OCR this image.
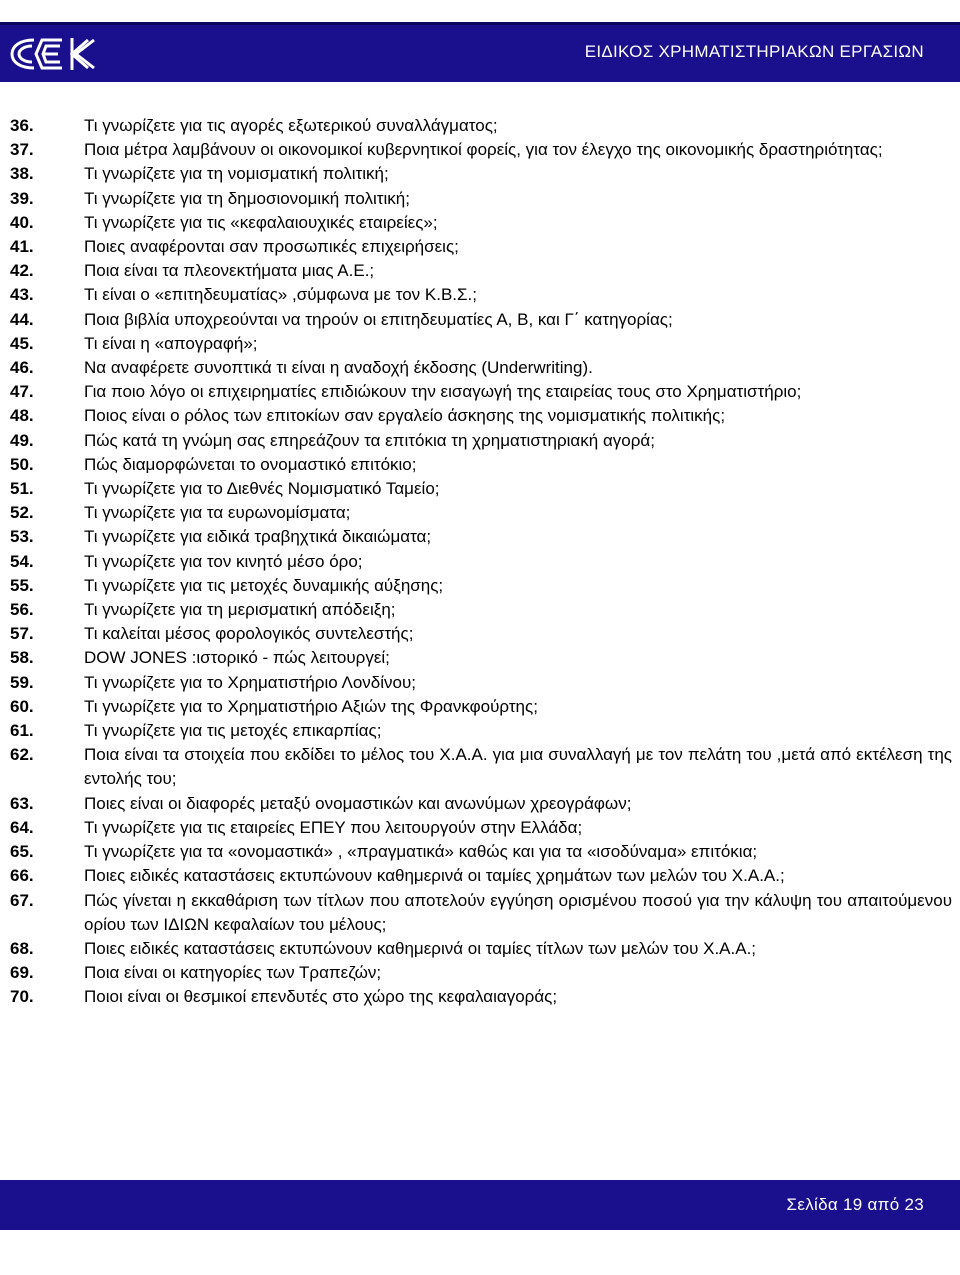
ΕΙΔΙΚΟΣ ΧΡΗΜΑΤΙΣΤΗΡΙΑΚΩΝ ΕΡΓΑΣΙΩΝ
36.	Τι γνωρίζετε για τις αγορές εξωτερικού συναλλάγματος;
37.	Ποια μέτρα λαμβάνουν οι οικονομικοί κυβερνητικοί φορείς, για τον έλεγχο της οικονομικής δραστηριότητας;
38.	Τι γνωρίζετε για τη νομισματική πολιτική;
39.	Τι γνωρίζετε για τη δημοσιονομική πολιτική;
40.	Τι γνωρίζετε για τις «κεφαλαιουχικές εταιρείες»;
41.	Ποιες αναφέρονται σαν προσωπικές επιχειρήσεις;
42.	Ποια είναι τα πλεονεκτήματα μιας Α.Ε.;
43.	Τι είναι ο «επιτηδευματίας» ,σύμφωνα με τον Κ.Β.Σ.;
44.	Ποια βιβλία υποχρεούνται να τηρούν οι επιτηδευματίες Α, Β, και Γ΄ κατηγορίας;
45.	Τι είναι η «απογραφή»;
46.	Να αναφέρετε συνοπτικά τι είναι η αναδοχή έκδοσης (Underwriting).
47.	Για ποιο λόγο οι επιχειρηματίες επιδιώκουν την εισαγωγή της εταιρείας τους στο Χρηματιστήριο;
48.	Ποιος είναι ο ρόλος των επιτοκίων σαν εργαλείο άσκησης της νομισματικής πολιτικής;
49.	Πώς κατά τη γνώμη σας επηρεάζουν τα επιτόκια τη χρηματιστηριακή αγορά;
50.	Πώς διαμορφώνεται το ονομαστικό επιτόκιο;
51.	Τι γνωρίζετε για το Διεθνές Νομισματικό Ταμείο;
52.	Τι γνωρίζετε για τα ευρωνομίσματα;
53.	Τι γνωρίζετε για ειδικά τραβηχτικά δικαιώματα;
54.	Τι γνωρίζετε για τον κινητό μέσο όρο;
55.	Τι γνωρίζετε για τις μετοχές δυναμικής αύξησης;
56.	Τι γνωρίζετε για τη μερισματική απόδειξη;
57.	Τι καλείται μέσος φορολογικός συντελεστής;
58.	DOW JONES :ιστορικό - πώς λειτουργεί;
59.	Τι γνωρίζετε για το Χρηματιστήριο Λονδίνου;
60.	Τι γνωρίζετε για το Χρηματιστήριο Αξιών της Φρανκφούρτης;
61.	Τι γνωρίζετε για τις μετοχές επικαρπίας;
62.	Ποια είναι τα στοιχεία που εκδίδει το μέλος του Χ.Α.Α. για μια συναλλαγή με τον πελάτη του ,μετά από εκτέλεση της εντολής του;
63.	Ποιες είναι οι διαφορές μεταξύ ονομαστικών και ανωνύμων χρεογράφων;
64.	Τι γνωρίζετε για τις εταιρείες ΕΠΕΥ που λειτουργούν στην Ελλάδα;
65.	Τι γνωρίζετε για τα «ονομαστικά» , «πραγματικά» καθώς και για τα «ισοδύναμα» επιτόκια;
66.	Ποιες ειδικές καταστάσεις εκτυπώνουν καθημερινά οι ταμίες χρημάτων των μελών του Χ.Α.Α.;
67.	Πώς γίνεται η εκκαθάριση των τίτλων που αποτελούν εγγύηση ορισμένου ποσού για την κάλυψη του απαιτούμενου ορίου των ΙΔΙΩΝ κεφαλαίων του μέλους;
68.	Ποιες ειδικές καταστάσεις εκτυπώνουν καθημερινά οι ταμίες τίτλων των μελών του Χ.Α.Α.;
69.	Ποια είναι οι κατηγορίες των Τραπεζών;
70.	Ποιοι είναι οι θεσμικοί επενδυτές στο χώρο της κεφαλαιαγοράς;
Σελίδα 19 από 23
